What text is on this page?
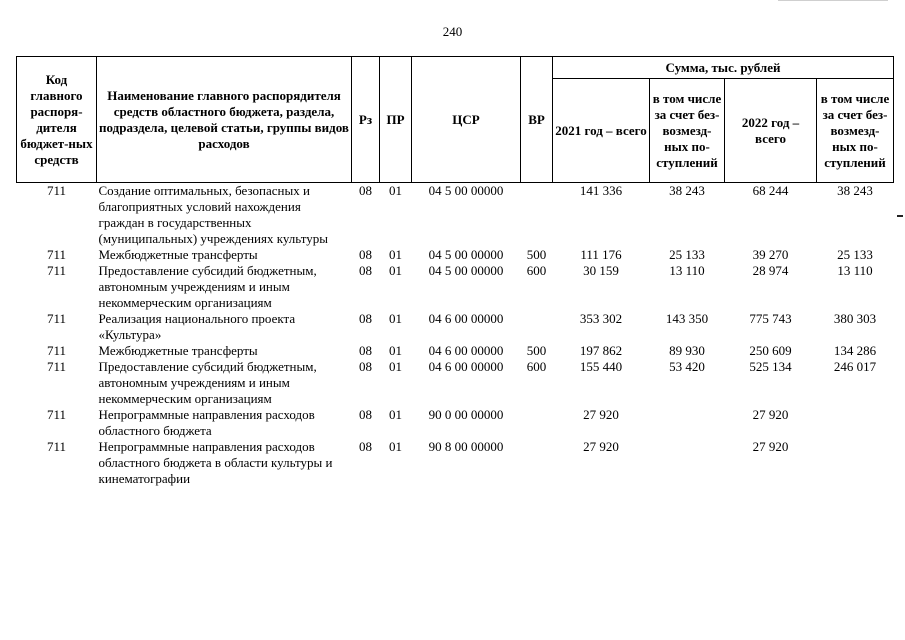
240
Код главного распоря-дителя бюджет-ных средств	Наименование главного распорядителя средств областного бюджета, раздела, подраздела, целевой статьи, группы видов расходов	Рз	ПР	ЦСР	ВР	Сумма, тыс. рублей			
						2021 год – всего	в том числе за счет без-возмезд-ных по-ступлений	2022 год – всего	в том числе за счет без-возмезд-ных по-ступлений
711	Создание оптимальных, безопасных и благоприятных условий нахождения граждан в государственных (муниципальных) учреждениях культуры	08	01	04 5 00 00000		141 336	38 243	68 244	38 243
711	Межбюджетные трансферты	08	01	04 5 00 00000	500	111 176	25 133	39 270	25 133
711	Предоставление субсидий бюджетным, автономным учреждениям и иным некоммерческим организациям	08	01	04 5 00 00000	600	30 159	13 110	28 974	13 110
711	Реализация национального проекта «Культура»	08	01	04 6 00 00000		353 302	143 350	775 743	380 303
711	Межбюджетные трансферты	08	01	04 6 00 00000	500	197 862	89 930	250 609	134 286
711	Предоставление субсидий бюджетным, автономным учреждениям и иным некоммерческим организациям	08	01	04 6 00 00000	600	155 440	53 420	525 134	246 017
711	Непрограммные направления расходов областного бюджета	08	01	90 0 00 00000		27 920		27 920	
711	Непрограммные направления расходов областного бюджета в области культуры и кинематографии	08	01	90 8 00 00000		27 920		27 920	
